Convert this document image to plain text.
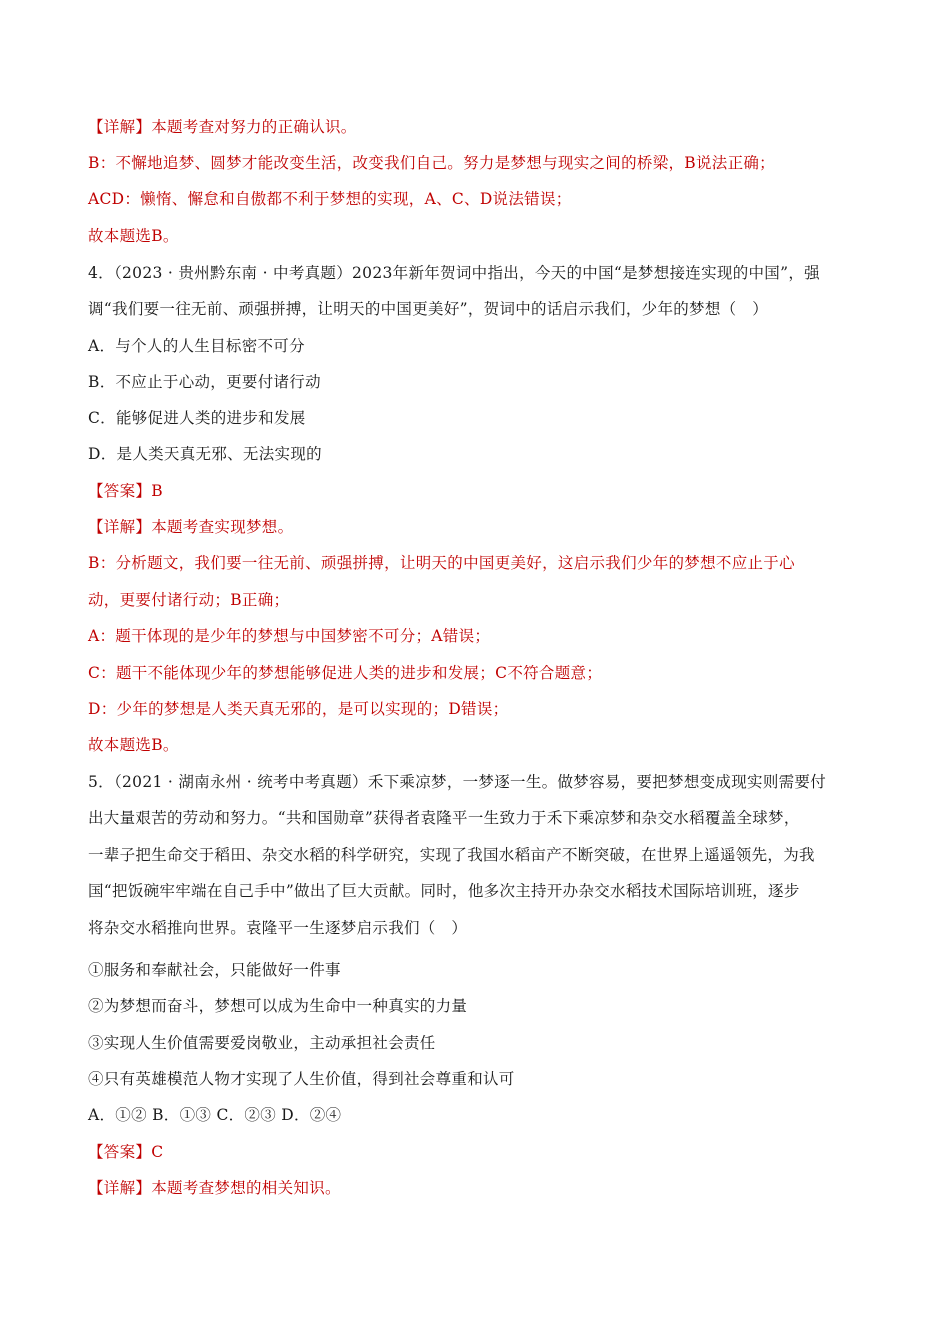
【详解】本题考查对努力的正确认识。
B：不懈地追梦、圆梦才能改变生活，改变我们自己。努力是梦想与现实之间的桥梁，B说法正确；
ACD：懒惰、懈怠和自傲都不利于梦想的实现，A、C、D说法错误；
故本题选B。
4．（2023 · 贵州黔东南 · 中考真题）2023年新年贺词中指出，今天的中国“是梦想接连实现的中国”，强
调“我们要一往无前、顽强拼搏，让明天的中国更美好”，贺词中的话启示我们，少年的梦想（　）
A．与个人的人生目标密不可分
B．不应止于心动，更要付诸行动
C．能够促进人类的进步和发展
D．是人类天真无邪、无法实现的
【答案】B
【详解】本题考查实现梦想。
B：分析题文，我们要一往无前、顽强拼搏，让明天的中国更美好，这启示我们少年的梦想不应止于心
动，更要付诸行动；B正确；
A：题干体现的是少年的梦想与中国梦密不可分；A错误；
C：题干不能体现少年的梦想能够促进人类的进步和发展；C不符合题意；
D：少年的梦想是人类天真无邪的，是可以实现的；D错误；
故本题选B。
5．（2021 · 湖南永州 · 统考中考真题）禾下乘凉梦，一梦逐一生。做梦容易，要把梦想变成现实则需要付
出大量艰苦的劳动和努力。“共和国勋章”获得者袁隆平一生致力于禾下乘凉梦和杂交水稻覆盖全球梦，
一辈子把生命交于稻田、杂交水稻的科学研究，实现了我国水稻亩产不断突破，在世界上遥遥领先，为我
国“把饭碗牢牢端在自己手中”做出了巨大贡献。同时，他多次主持开办杂交水稻技术国际培训班，逐步
将杂交水稻推向世界。袁隆平一生逐梦启示我们（　）
①服务和奉献社会，只能做好一件事
②为梦想而奋斗，梦想可以成为生命中一种真实的力量
③实现人生价值需要爱岗敬业，主动承担社会责任
④只有英雄模范人物才实现了人生价值，得到社会尊重和认可
A．①② B．①③ C．②③ D．②④
【答案】C
【详解】本题考查梦想的相关知识。
